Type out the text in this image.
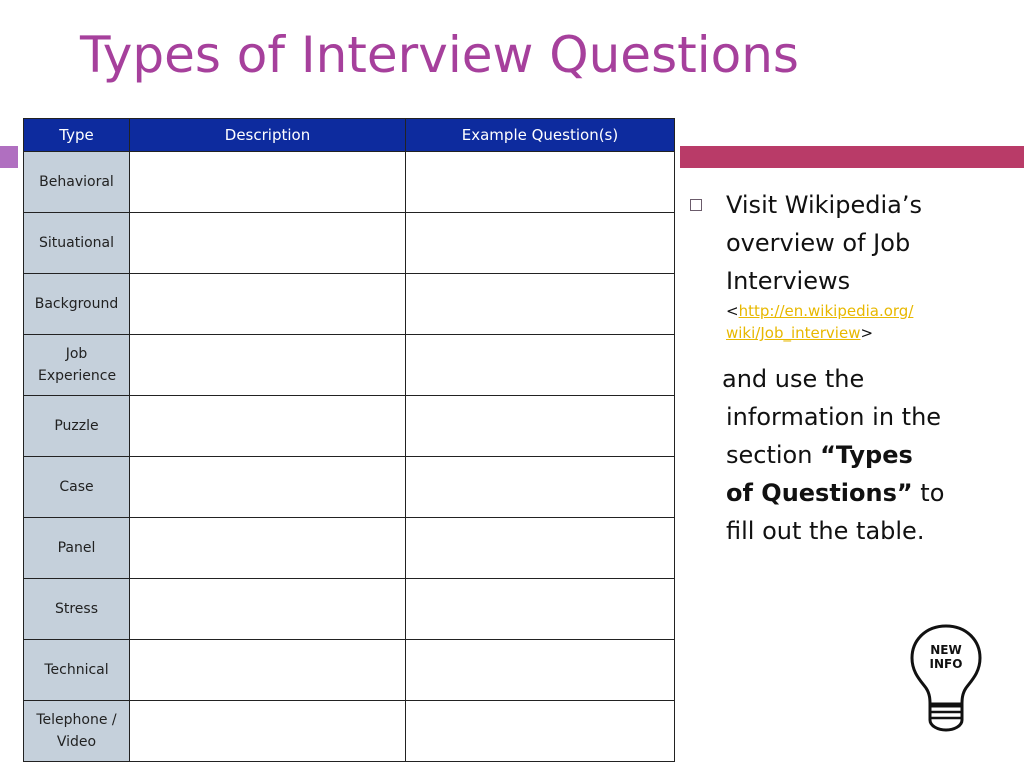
Types of Interview Questions
Type	Description	Example Question(s)
Behavioral		
Situational		
Background		
Job Experience		
Puzzle		
Case		
Panel		
Stress		
Technical		
Telephone / Video		
Visit Wikipedia’s
overview of Job
Interviews
<http://en.wikipedia.org/
wiki/Job_interview>
and use the
information in the
section “Types
of Questions” to
fill out the table.
NEW
INFO
